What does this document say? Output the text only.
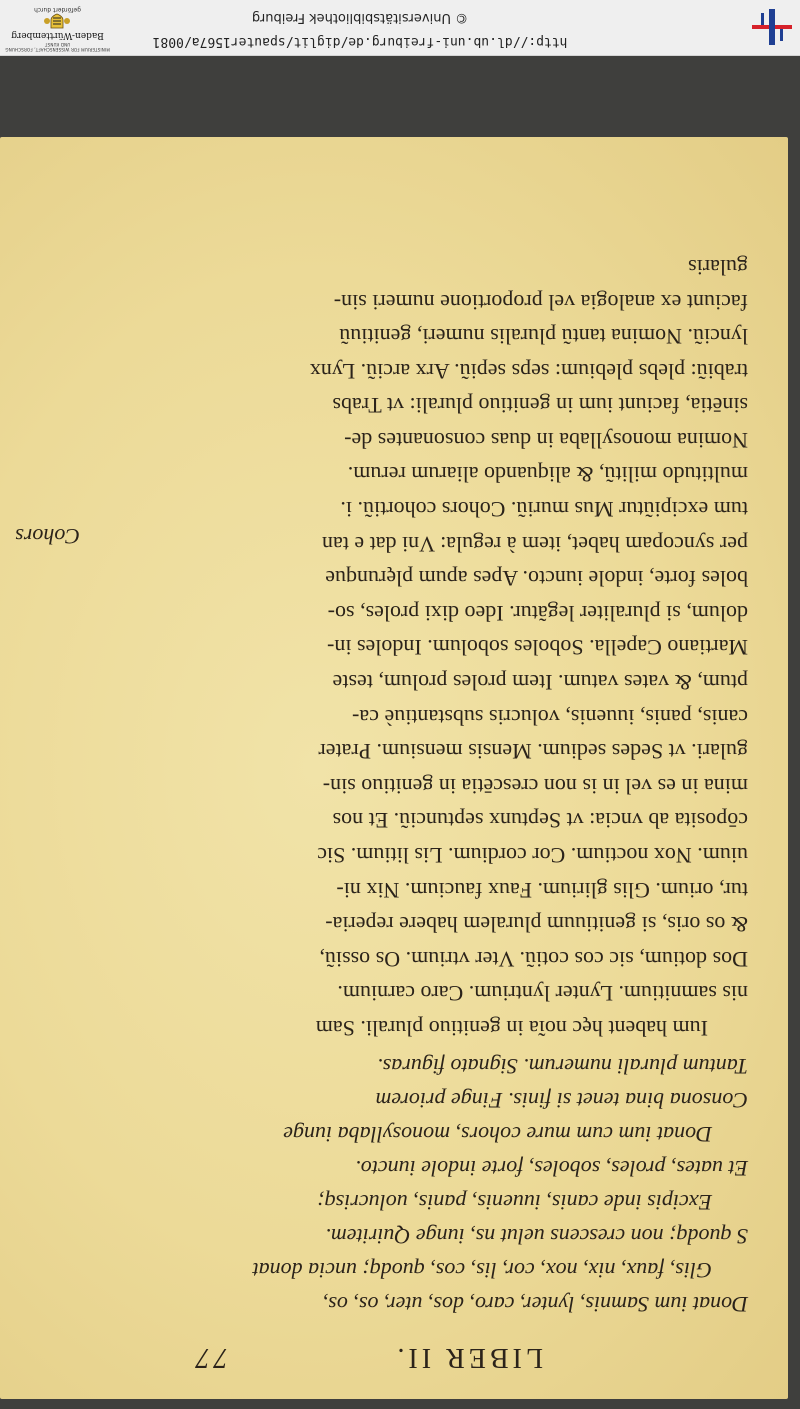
LIBER II.
77
Donat ium Samnis, lynter, caro, dos, uter, os, os,
Glis, faux, nix, nox, cor, lis, cos, quodq; uncia donat
S quodq; non crescens uelut ns, iunge Quiritem.
Excipis inde canis, iuuenis, panis, uolucrisq;
Et uates, proles, soboles, forte indole iuncto.
Donat ium cum mure cohors, monosyllaba iunge
Consona bina tenet si finis. Finge priorem
Tantum plurali numerum. Signato figuras.
Ium habent hęc noĩa in genitiuo plurali. Sam
nis samnitium. Lynter lyntrium. Caro carnium.
Dos dotium, sic cos cotiũ. Vter vtrium. Os ossiũ,
& os oris, si genitiuum pluralem habere reperia-
tur, orium. Glis glirium. Faux faucium. Nix ni-
uium. Nox noctium. Cor cordium. Lis litium. Sic
cōposita ab vncia: vt Septunx septunciũ. Et nos
mina in es vel in is non crescētia in genitiuo sin-
gulari. vt Sedes sedium. Mensis mensium. Prater
canis, panis, iuuenis, volucris substantiuè ca-
ptum, & vates vatum. Item proles prolum, teste
Martiano Capella. Soboles sobolum. Indoles in-
dolum, si pluraliter legãtur. Ideo dixi proles, so-
boles forte, indole iuncto. Apes apum plęrunque
per syncopam habet, item à regula: Vni dat e tan
tum excipiũtur Mus muriũ. Cohors cohortiũ. i.
multitudo militũ, & aliquando aliarum rerum.
Nomina monosyllaba in duas consonantes de-
sinētia, faciunt ium in genitiuo plurali: vt Trabs
trabiũ: plebs plebium: seps sepiũ. Arx arciũ. Lynx
lynciũ. Nomina tantũ pluralis numeri, genitiuũ
faciunt ex analogia vel proportione numeri sin-
gularis
Cohors
http://dl.ub.uni-freiburg.de/diglit/spauter1567a/0081
© Universitätsbibliothek Freiburg
MINISTERIUM FÜR WISSENSCHAFT, FORSCHUNG UND KUNST
Baden-Württemberg
gefördert durch
